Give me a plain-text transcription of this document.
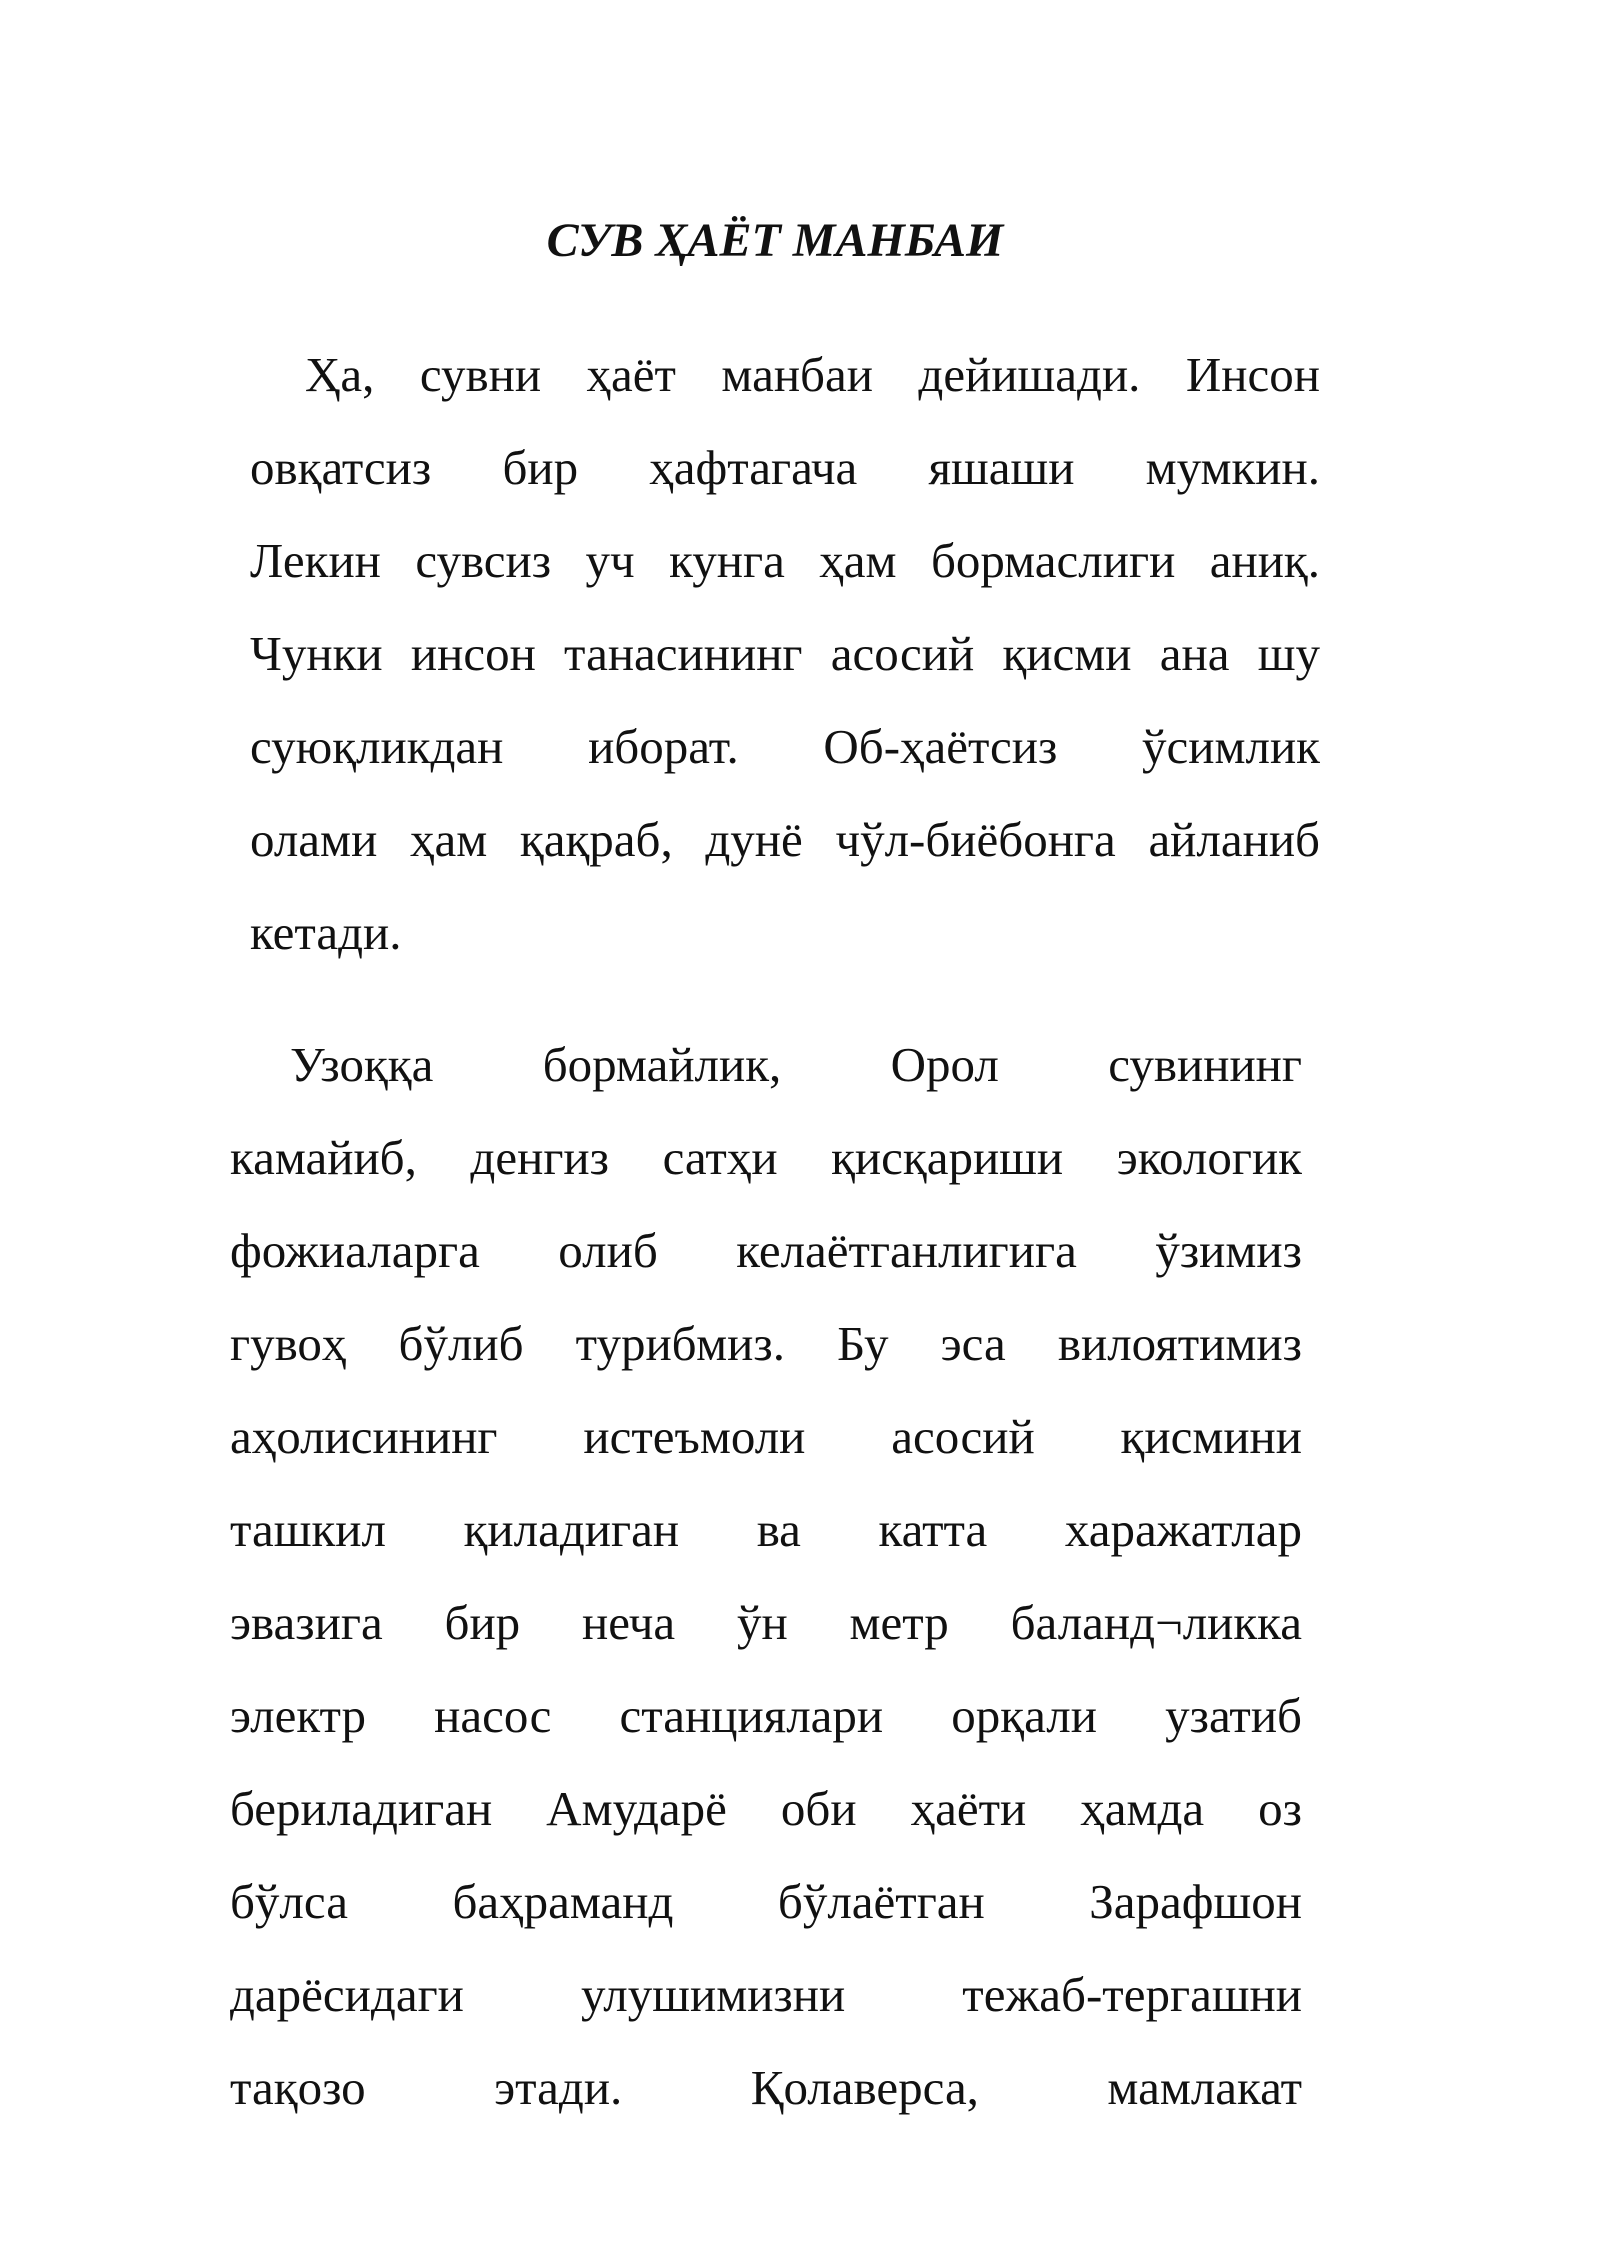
СУВ ҲАЁТ МАНБАИ
Ҳа, сувни ҳаёт манбаи дейишади. Инсон
овқатсиз бир ҳафтагача яшаши мумкин.
Лекин сувсиз уч кунга ҳам бормаслиги аниқ.
Чунки инсон танасининг асосий қисми ана шу
суюқликдан иборат. Об-ҳаётсиз ўсимлик
олами ҳам қақраб, дунё чўл-биёбонга айланиб
кетади.
Узоққа бормайлик, Орол сувининг
камайиб, денгиз сатҳи қисқариши экологик
фожиаларга олиб келаётганлигига ўзимиз
гувоҳ бўлиб турибмиз. Бу эса вилоятимиз
аҳолисининг истеъмоли асосий қисмини
ташкил қиладиган ва катта харажатлар
эвазига бир неча ўн метр баланд¬ликка
электр насос станциялари орқали узатиб
бериладиган Амударё оби ҳаёти ҳамда оз
бўлса баҳраманд бўлаётган Зарафшон
дарёсидаги улушимизни тежаб-тергашни
тақозо этади. Қолаверса, мамлакат
